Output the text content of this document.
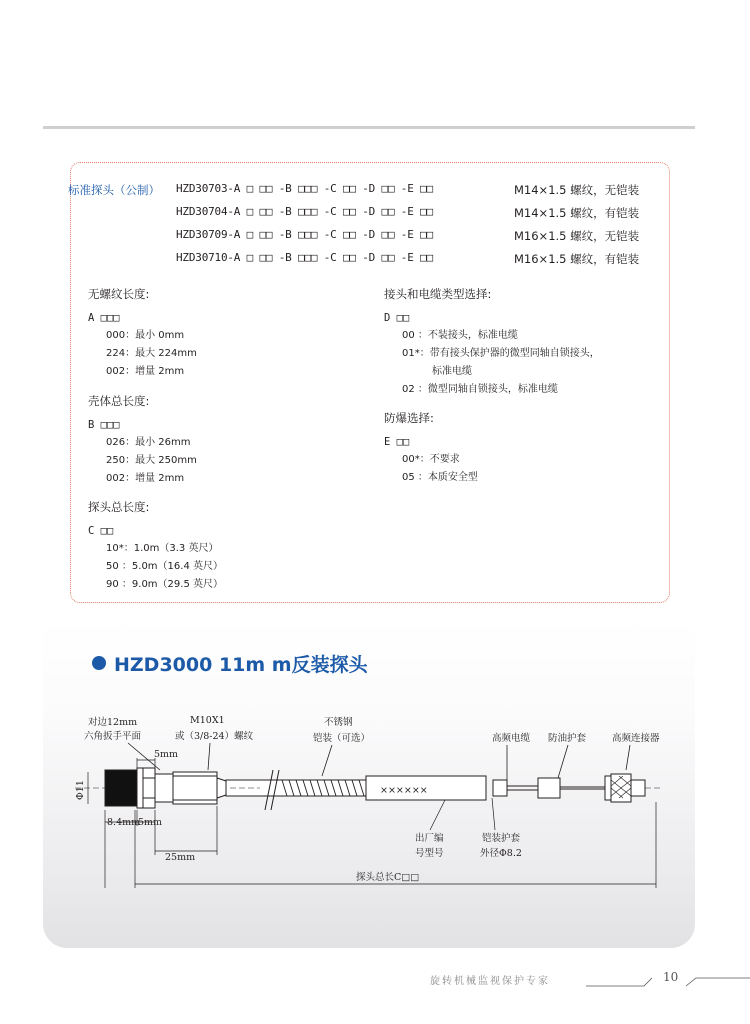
标准探头（公制） HZD30703-A □ □□ -B □□□ -C □□ -D □□ -E □□	M14×1.5 螺纹，无铠装
HZD30704-A □ □□ -B □□□ -C □□ -D □□ -E □□	M14×1.5 螺纹，有铠装
HZD30709-A □ □□ -B □□□ -C □□ -D □□ -E □□	M16×1.5 螺纹，无铠装
HZD30710-A □ □□ -B □□□ -C □□ -D □□ -E □□	M16×1.5 螺纹，有铠装
无螺纹长度:
A □□□
000：最小 0mm
224：最大 224mm
002：增量 2mm
壳体总长度:
B □□□
026：最小 26mm
250：最大 250mm
002：增量 2mm
探头总长度:
C □□
10*：1.0m（3.3 英尺）
50 ：5.0m（16.4 英尺）
90 ：9.0m（29.5 英尺）
接头和电缆类型选择:
D □□
00 ：不装接头，标准电缆
01*：带有接头保护器的微型同轴自锁接头，
标准电缆
02 ：微型同轴自锁接头，标准电缆
防爆选择:
E □□
00*：不要求
05 ：本质安全型
HZD3000 11m m反装探头
对边12mm
六角扳手平面
M10X1
或（3/8-24）螺纹
不锈钢
铠装（可选）	高频电缆 防油护套	高频连接器
××××××
Φ11
5mm
8.4mm
5mm
25mm
出厂编
号型号
铠装护套
外径Φ8.2
探头总长C□□
旋转机械监视保护专家	10
